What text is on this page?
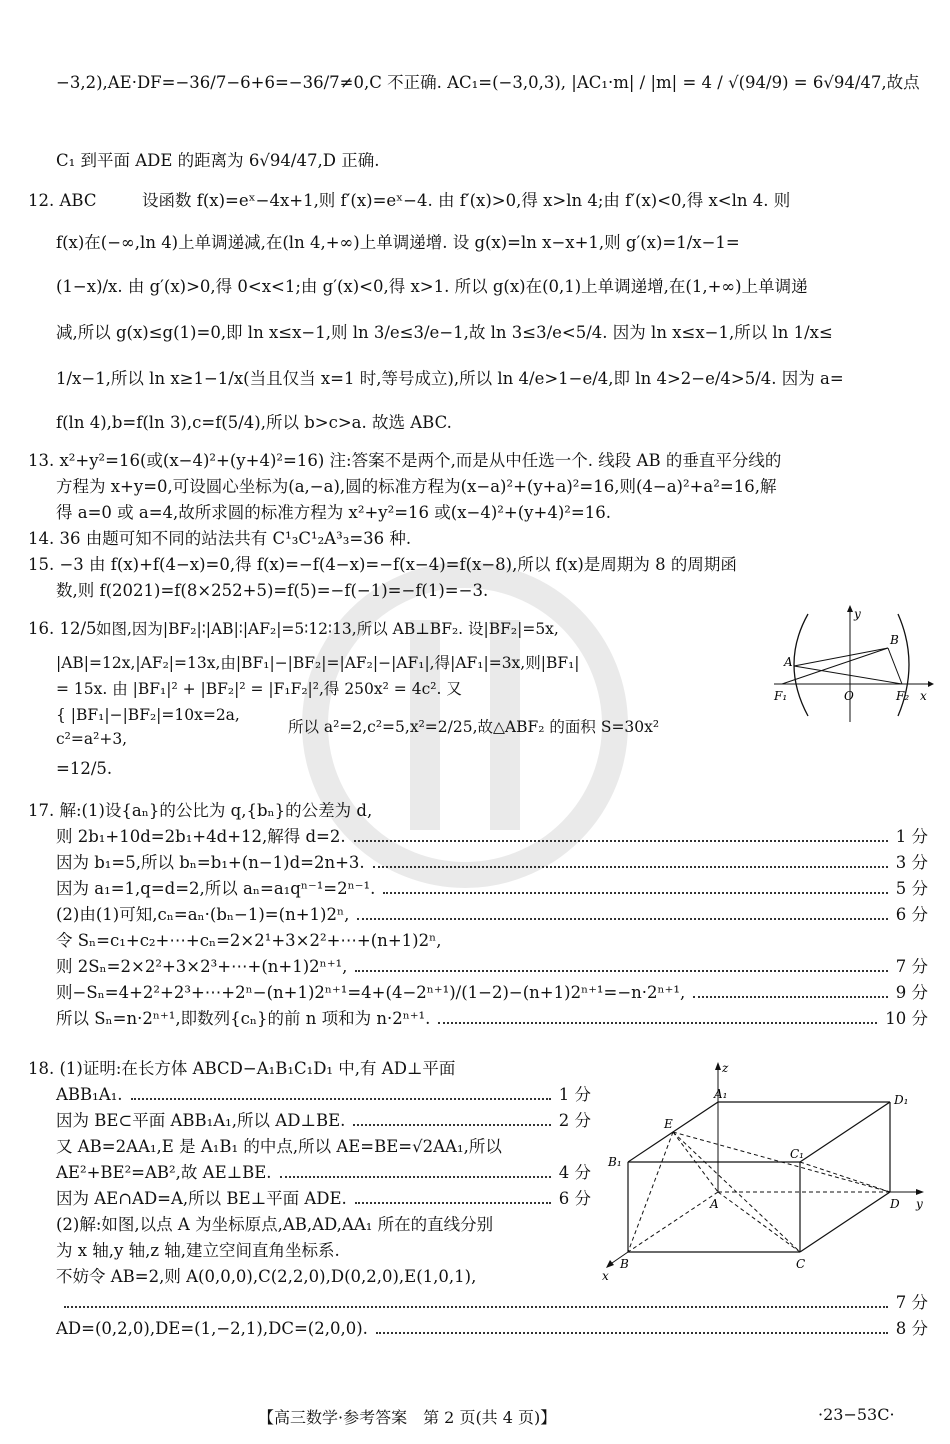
−3,2),AE·DF=−36/7−6+6=−36/7≠0,C 不正确. AC₁=(−3,0,3), |AC₁·m| / |m| = 4 / √(94/9) = 6√94/47,故点
C₁ 到平面 ADE 的距离为 6√94/47,D 正确.
12. ABC	设函数 f(x)=eˣ−4x+1,则 f′(x)=eˣ−4. 由 f′(x)>0,得 x>ln 4;由 f′(x)<0,得 x<ln 4. 则
f(x)在(−∞,ln 4)上单调递减,在(ln 4,+∞)上单调递增. 设 g(x)=ln x−x+1,则 g′(x)=1/x−1=
(1−x)/x. 由 g′(x)>0,得 0<x<1;由 g′(x)<0,得 x>1. 所以 g(x)在(0,1)上单调递增,在(1,+∞)上单调递
减,所以 g(x)≤g(1)=0,即 ln x≤x−1,则 ln 3/e≤3/e−1,故 ln 3≤3/e<5/4. 因为 ln x≤x−1,所以 ln 1/x≤
1/x−1,所以 ln x≥1−1/x(当且仅当 x=1 时,等号成立),所以 ln 4/e>1−e/4,即 ln 4>2−e/4>5/4. 因为 a=
f(ln 4),b=f(ln 3),c=f(5/4),所以 b>c>a. 故选 ABC.
13. x²+y²=16(或(x−4)²+(y+4)²=16) 注:答案不是两个,而是从中任选一个. 线段 AB 的垂直平分线的
方程为 x+y=0,可设圆心坐标为(a,−a),圆的标准方程为(x−a)²+(y+a)²=16,则(4−a)²+a²=16,解
得 a=0 或 a=4,故所求圆的标准方程为 x²+y²=16 或(x−4)²+(y+4)²=16.
14. 36 由题可知不同的站法共有 C¹₃C¹₂A³₃=36 种.
15. −3 由 f(x)+f(4−x)=0,得 f(x)=−f(4−x)=−f(x−4)=f(x−8),所以 f(x)是周期为 8 的周期函
数,则 f(2021)=f(8×252+5)=f(5)=−f(−1)=−f(1)=−3.
16. 12/5 如图,因为|BF₂|∶|AB|∶|AF₂|=5∶12∶13,所以 AB⊥BF₂. 设|BF₂|=5x,
|AB|=12x,|AF₂|=13x,由|BF₁|−|BF₂|=|AF₂|−|AF₁|,得|AF₁|=3x,则|BF₁|
= 15x. 由 |BF₁|² + |BF₂|² = |F₁F₂|²,得 250x² = 4c². 又
{ |BF₁|−|BF₂|=10x=2a,
c²=a²+3,
所以 a²=2,c²=5,x²=2/25,故△ABF₂ 的面积 S=30x²
=12/5.
y
x
A
B
F₁	O	F₂
17. 解:(1)设{aₙ}的公比为 q,{bₙ}的公差为 d,
则 2b₁+10d=2b₁+4d+12,解得 d=2.	1 分
因为 b₁=5,所以 bₙ=b₁+(n−1)d=2n+3.	3 分
因为 a₁=1,q=d=2,所以 aₙ=a₁qⁿ⁻¹=2ⁿ⁻¹.	5 分
(2)由(1)可知,cₙ=aₙ·(bₙ−1)=(n+1)2ⁿ,	6 分
令 Sₙ=c₁+c₂+⋯+cₙ=2×2¹+3×2²+⋯+(n+1)2ⁿ,
则 2Sₙ=2×2²+3×2³+⋯+(n+1)2ⁿ⁺¹,	7 分
则−Sₙ=4+2²+2³+⋯+2ⁿ−(n+1)2ⁿ⁺¹=4+(4−2ⁿ⁺¹)/(1−2)−(n+1)2ⁿ⁺¹=−n·2ⁿ⁺¹,	9 分
所以 Sₙ=n·2ⁿ⁺¹,即数列{cₙ}的前 n 项和为 n·2ⁿ⁺¹.	10 分
18. (1)证明:在长方体 ABCD−A₁B₁C₁D₁ 中,有 AD⊥平面
ABB₁A₁.	1 分
因为 BE⊂平面 ABB₁A₁,所以 AD⊥BE.	2 分
又 AB=2AA₁,E 是 A₁B₁ 的中点,所以 AE=BE=√2AA₁,所以
AE²+BE²=AB²,故 AE⊥BE.	4 分
因为 AE∩AD=A,所以 BE⊥平面 ADE.	6 分
(2)解:如图,以点 A 为坐标原点,AB,AD,AA₁ 所在的直线分别
为 x 轴,y 轴,z 轴,建立空间直角坐标系.
不妨令 AB=2,则 A(0,0,0),C(2,2,0),D(0,2,0),E(1,0,1),
7 分
AD=(0,2,0),DE=(1,−2,1),DC=(2,0,0).	8 分
z
A₁	D₁
E
B₁
C₁
A	D y
B	C
x
【高三数学·参考答案　第 2 页(共 4 页)】	·23−53C·
